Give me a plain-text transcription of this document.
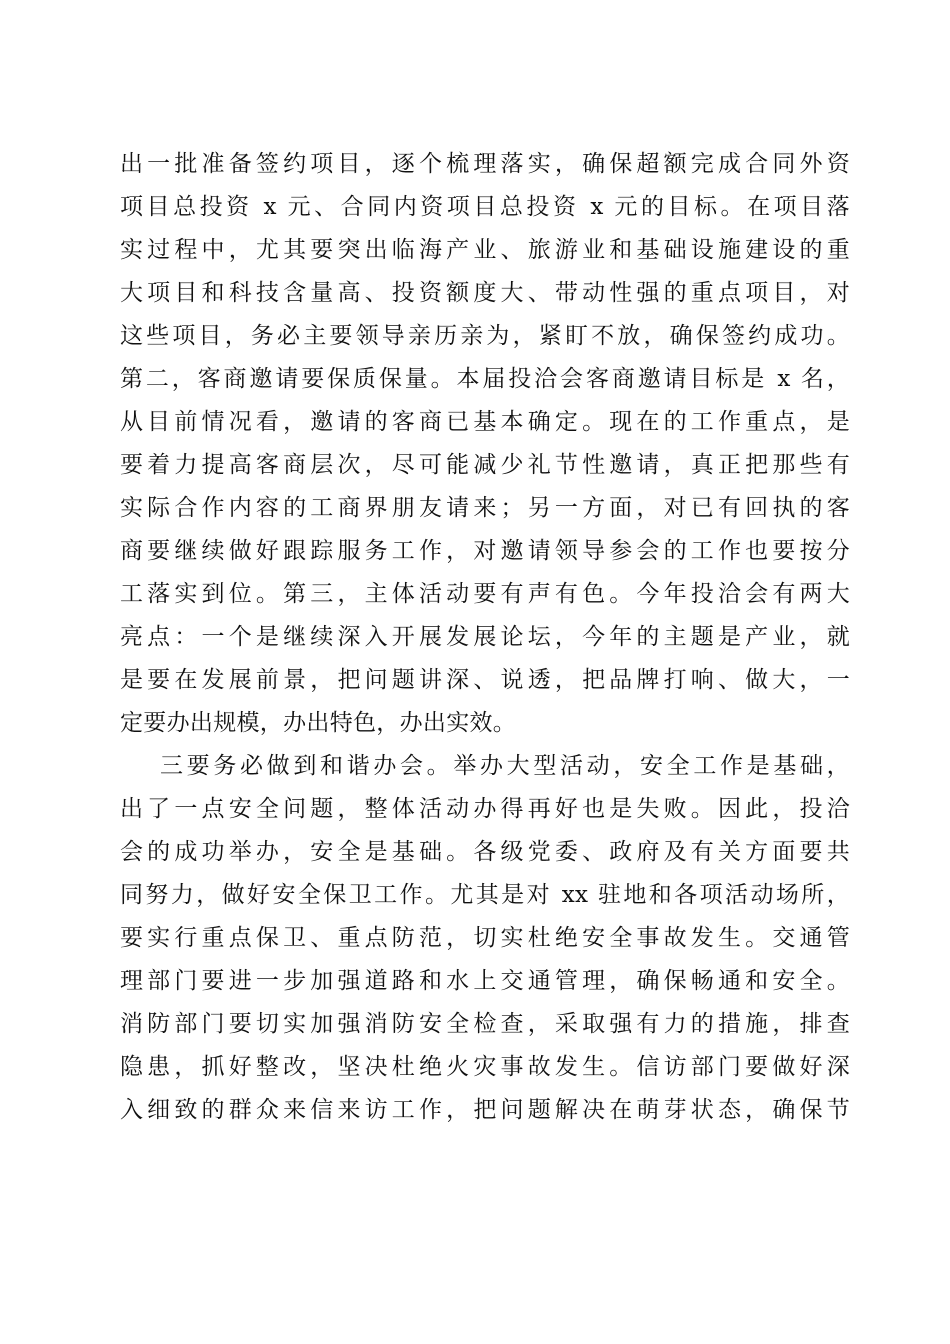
出一批准备签约项目，逐个梳理落实，确保超额完成合同外资
项目总投资 x 元、合同内资项目总投资 x 元的目标。在项目落
实过程中，尤其要突出临海产业、旅游业和基础设施建设的重
大项目和科技含量高、投资额度大、带动性强的重点项目，对
这些项目，务必主要领导亲历亲为，紧盯不放，确保签约成功。
第二，客商邀请要保质保量。本届投洽会客商邀请目标是 x 名，
从目前情况看，邀请的客商已基本确定。现在的工作重点，是
要着力提高客商层次，尽可能减少礼节性邀请，真正把那些有
实际合作内容的工商界朋友请来；另一方面，对已有回执的客
商要继续做好跟踪服务工作，对邀请领导参会的工作也要按分
工落实到位。第三，主体活动要有声有色。今年投洽会有两大
亮点：一个是继续深入开展发展论坛，今年的主题是产业，就
是要在发展前景，把问题讲深、说透，把品牌打响、做大，一
定要办出规模，办出特色，办出实效。
三要务必做到和谐办会。举办大型活动，安全工作是基础，
出了一点安全问题，整体活动办得再好也是失败。因此，投洽
会的成功举办，安全是基础。各级党委、政府及有关方面要共
同努力，做好安全保卫工作。尤其是对 xx 驻地和各项活动场所，
要实行重点保卫、重点防范，切实杜绝安全事故发生。交通管
理部门要进一步加强道路和水上交通管理，确保畅通和安全。
消防部门要切实加强消防安全检查，采取强有力的措施，排查
隐患，抓好整改，坚决杜绝火灾事故发生。信访部门要做好深
入细致的群众来信来访工作，把问题解决在萌芽状态，确保节
